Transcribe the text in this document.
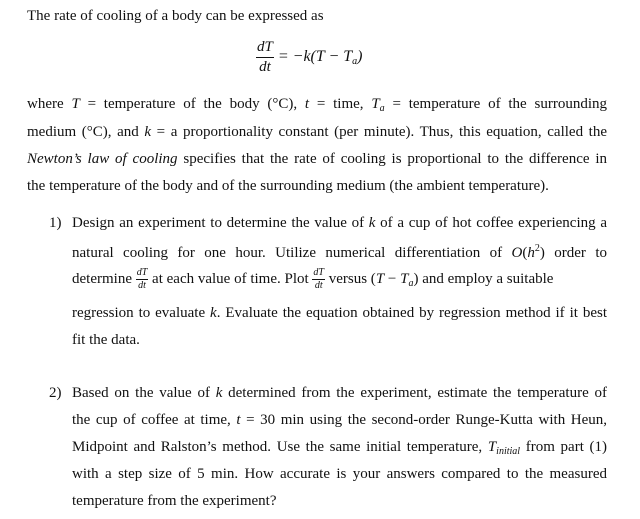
The rate of cooling of a body can be expressed as
$\frac{dT}{dt} = -k(T - T_a)$
where T = temperature of the body (°C), t = time, $T_a$ = temperature of the surrounding
medium (°C), and k = a proportionality constant (per minute). Thus, this equation, called the
Newton’s law of cooling specifies that the rate of cooling is proportional to the difference in
the temperature of the body and of the surrounding medium (the ambient temperature).
1) Design an experiment to determine the value of k of a cup of hot coffee experiencing a
natural cooling for one hour. Utilize numerical differentiation of $O(h^2)$ order to
determine $\frac{dT}{dt}$ at each value of time. Plot $\frac{dT}{dt}$ versus $(T - T_a)$ and employ a suitable
regression to evaluate k. Evaluate the equation obtained by regression method if it best
fit the data.
2) Based on the value of k determined from the experiment, estimate the temperature of
the cup of coffee at time, t = 30 min using the second-order Runge-Kutta with Heun,
Midpoint and Ralston’s method. Use the same initial temperature, $T_{initial}$ from part (1)
with a step size of 5 min. How accurate is your answers compared to the measured
temperature from the experiment?
